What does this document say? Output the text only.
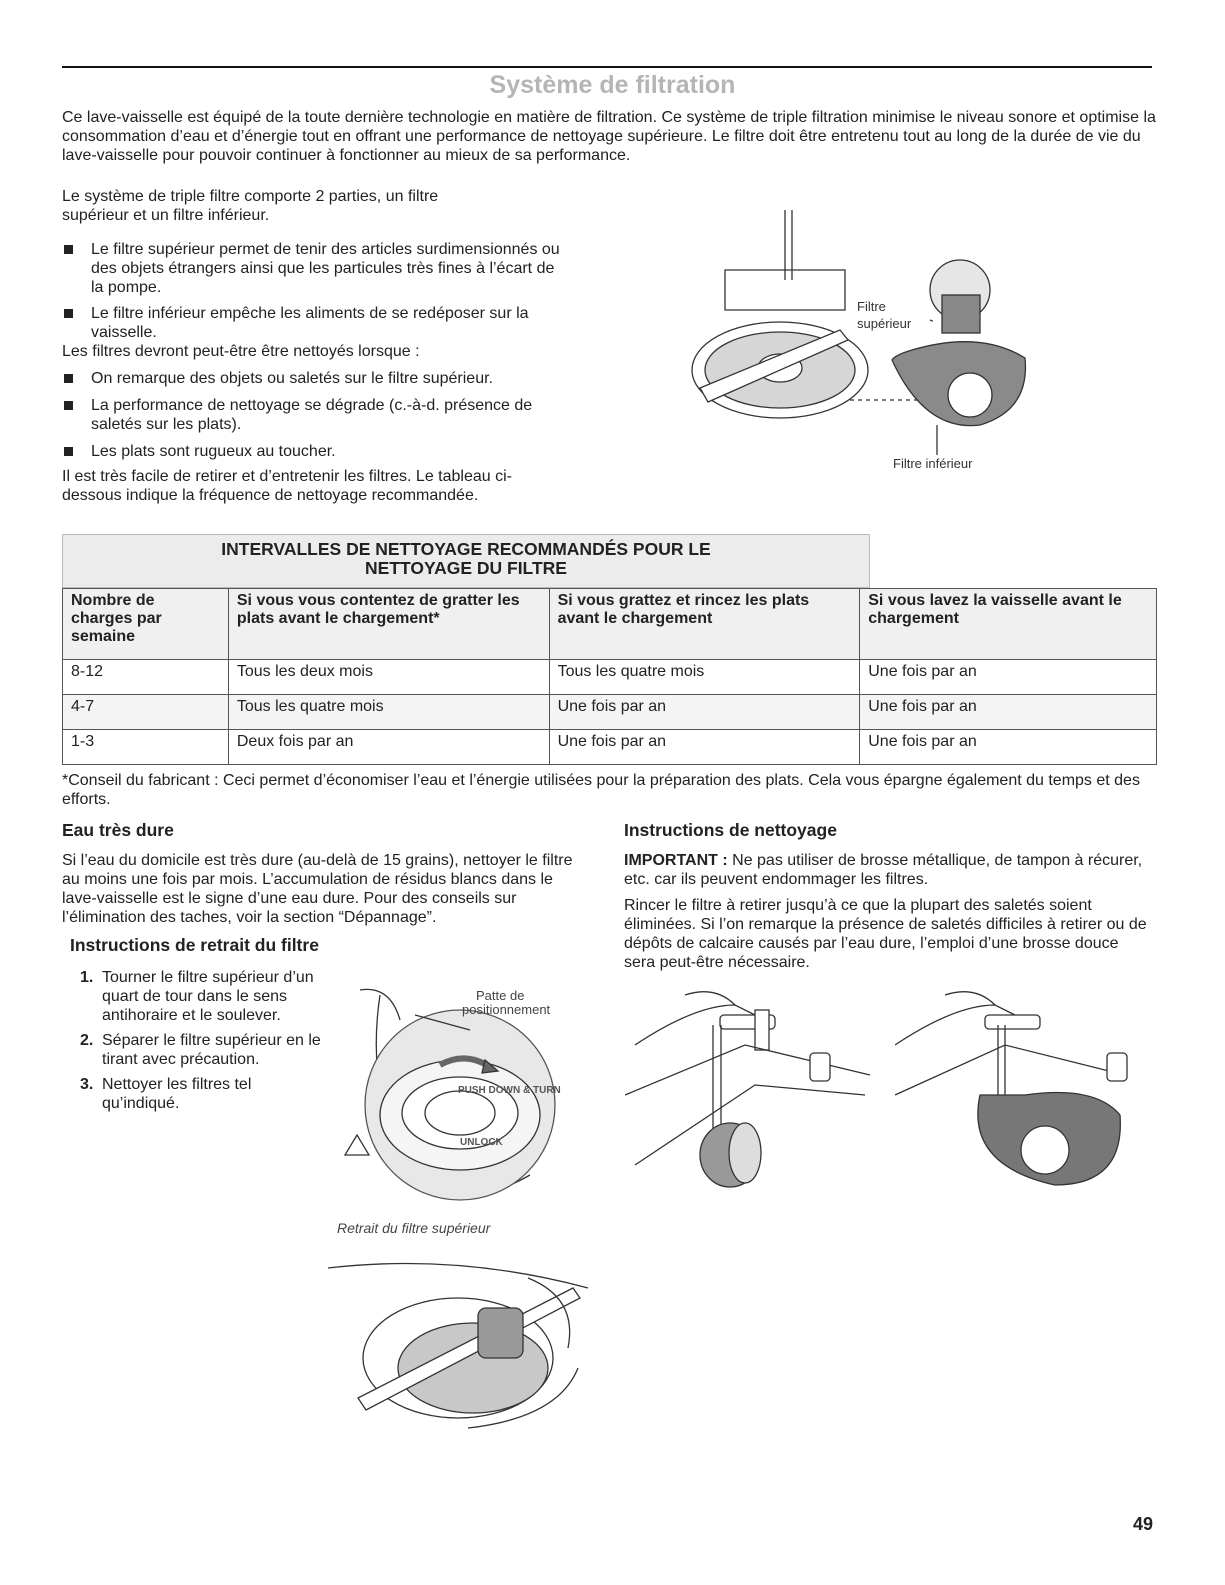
Système de filtration

Ce lave-vaisselle est équipé de la toute dernière technologie en matière de filtration. Ce système de triple filtration minimise le niveau sonore et optimise la consommation d’eau et d’énergie tout en offrant une performance de nettoyage supérieure. Le filtre doit être entretenu tout au long de la durée de vie du lave-vaisselle pour pouvoir continuer à fonctionner au mieux de sa performance.

Le système de triple filtre comporte 2 parties, un filtre supérieur et un filtre inférieur.

Le filtre supérieur permet de tenir des articles surdimensionnés ou des objets étrangers ainsi que les particules très fines à l’écart de la pompe.

Le filtre inférieur empêche les aliments de se redéposer sur la vaisselle.

Les filtres devront peut-être être nettoyés lorsque :

On remarque des objets ou saletés sur le filtre supérieur.

La performance de nettoyage se dégrade (c.-à-d. présence de saletés sur les plats).

Les plats sont rugueux au toucher.

Il est très facile de retirer et d’entretenir les filtres. Le tableau ci-dessous indique la fréquence de nettoyage recommandée.

Filtre
supérieur
Filtre inférieur
INTERVALLES DE NETTOYAGE RECOMMANDÉS POUR LE
NETTOYAGE DU FILTRE
Nombre de charges par semaine	Si vous vous contentez de gratter les plats avant le chargement*	Si vous grattez et rincez les plats avant le chargement	Si vous lavez la vaisselle avant le chargement
8-12	Tous les deux mois	Tous les quatre mois	Une fois par an
4-7	Tous les quatre mois	Une fois par an	Une fois par an
1-3	Deux fois par an	Une fois par an	Une fois par an

*Conseil du fabricant : Ceci permet d’économiser l’eau et l’énergie utilisées pour la préparation des plats. Cela vous épargne également du temps et des efforts.

Eau très dure

Si l’eau du domicile est très dure (au-delà de 15 grains), nettoyer le filtre au moins une fois par mois. L’accumulation de résidus blancs dans le lave-vaisselle est le signe d’une eau dure. Pour des conseils sur l’élimination des taches, voir la section “Dépannage”.

Instructions de retrait du filtre
1. Tourner le filtre supérieur d’un quart de tour dans le sens antihoraire et le soulever.
2. Séparer le filtre supérieur en le tirant avec précaution.
3. Nettoyer les filtres tel qu’indiqué.
PUSH DOWN & TURN
UNLOCK
Patte de
positionnement
Retrait du filtre supérieur
Instructions de nettoyage

IMPORTANT : Ne pas utiliser de brosse métallique, de tampon à récurer, etc. car ils peuvent endommager les filtres.

Rincer le filtre à retirer jusqu’à ce que la plupart des saletés soient éliminées. Si l’on remarque la présence de saletés difficiles à retirer ou de dépôts de calcaire causés par l’eau dure, l’emploi d’une brosse douce sera peut-être nécessaire.

49
